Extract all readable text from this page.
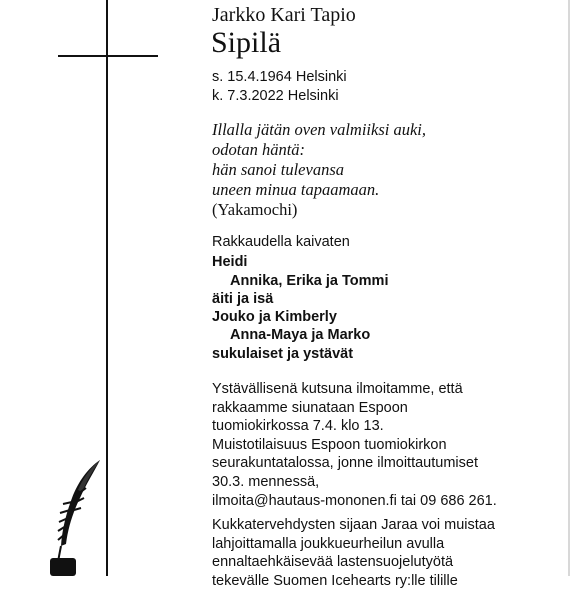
Jarkko Kari Tapio
Sipilä
s. 15.4.1964 Helsinki
k. 7.3.2022 Helsinki
Illalla jätän oven valmiiksi auki,
odotan häntä:
hän sanoi tulevansa
uneen minua tapaamaan.
(Yakamochi)
Rakkaudella kaivaten
Heidi
Annika, Erika ja Tommi
äiti ja isä
Jouko ja Kimberly
Anna-Maya ja Marko
sukulaiset ja ystävät
Ystävällisenä kutsuna ilmoitamme, että
rakkaamme siunataan Espoon
tuomiokirkossa 7.4. klo 13.
Muistotilaisuus Espoon tuomiokirkon
seurakuntatalossa, jonne ilmoittautumiset
30.3. mennessä,
ilmoita@hautaus-mononen.fi tai 09 686 261.
Kukkatervehdysten sijaan Jaraa voi muistaa
lahjoittamalla joukkueurheilun avulla
ennaltaehkäisevää lastensuojelutyötä
tekevälle Suomen Icehearts ry:lle tilille
